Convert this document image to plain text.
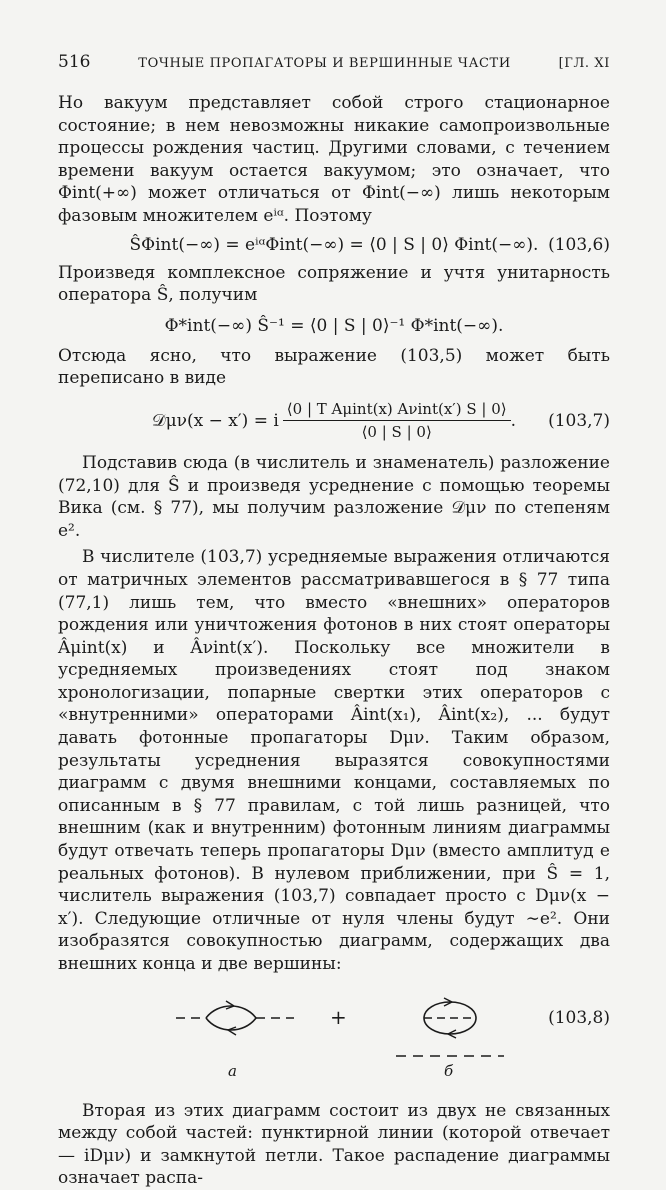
516	ТОЧНЫЕ ПРОПАГАТОРЫ И ВЕРШИННЫЕ ЧАСТИ	[ГЛ. XI

Но вакуум представляет собой строго стационарное состояние; в нем невозможны никакие самопроизвольные процессы рождения частиц. Другими словами, с течением времени вакуум остается вакуумом; это означает, что Φint(+∞) может отличаться от Φint(−∞) лишь некоторым фазовым множителем eⁱᵅ. Поэтому

ŜΦint(−∞) = eⁱᵅΦint(−∞) = ⟨0 | S | 0⟩ Φint(−∞). (103,6)

Произведя комплексное сопряжение и учтя унитарность оператора Ŝ, получим

Φ*int(−∞) Ŝ⁻¹ = ⟨0 | S | 0⟩⁻¹ Φ*int(−∞).

Отсюда ясно, что выражение (103,5) может быть переписано в виде

𝒟μν(x − x′) = i $\frac{\text{⟨0 | T Aμint(x) Aνint(x′) S | 0⟩}}{⟨0 | S | 0⟩}$ . (103,7)

Подставив сюда (в числитель и знаменатель) разложение (72,10) для Ŝ и произведя усреднение с помощью теоремы Вика (см. § 77), мы получим разложение 𝒟μν по степеням e².

В числителе (103,7) усредняемые выражения отличаются от матричных элементов рассматривавшегося в § 77 типа (77,1) лишь тем, что вместо «внешних» операторов рождения или уничтожения фотонов в них стоят операторы Âμint(x) и Âνint(x′). Поскольку все множители в усредняемых произведениях стоят под знаком хронологизации, попарные свертки этих операторов с «внутренними» операторами Âint(x₁), Âint(x₂), ... будут давать фотонные пропагаторы Dμν. Таким образом, результаты усреднения выразятся совокупностями диаграмм с двумя внешними концами, составляемых по описанным в § 77 правилам, с той лишь разницей, что внешним (как и внутренним) фотонным линиям диаграммы будут отвечать теперь пропагаторы Dμν (вместо амплитуд e реальных фотонов). В нулевом приближении, при Ŝ = 1, числитель выражения (103,7) совпадает просто с Dμν(x − x′). Следующие отличные от нуля члены будут ∼e². Они изобразятся совокупностью диаграмм, содержащих два внешних конца и две вершины:

+	(103,8)
а	б

Вторая из этих диаграмм состоит из двух не связанных между собой частей: пунктирной линии (которой отвечает — iDμν) и замкнутой петли. Такое распадение диаграммы означает распа-
